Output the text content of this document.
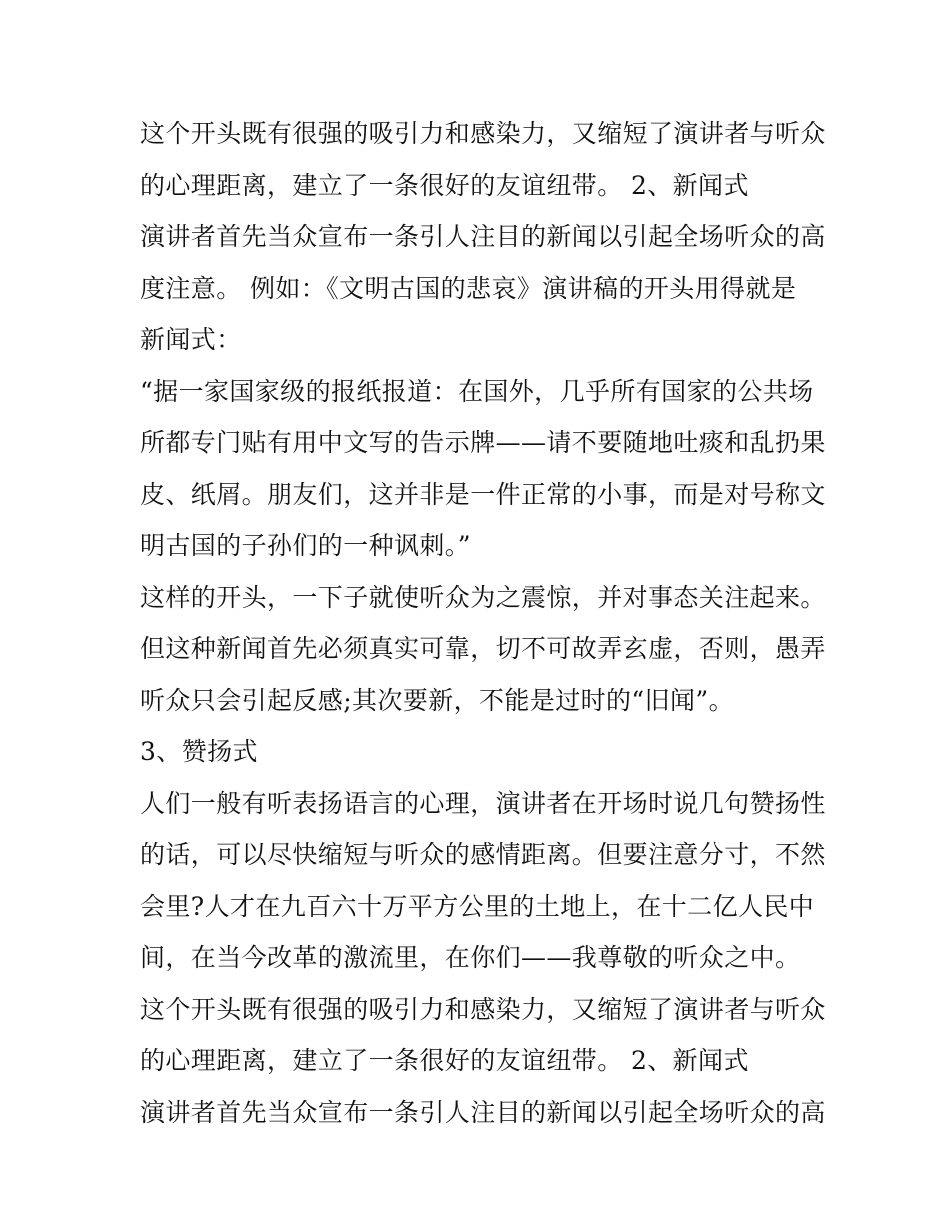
这个开头既有很强的吸引力和感染力，又缩短了演讲者与听众
的心理距离，建立了一条很好的友谊纽带。 2、新闻式
演讲者首先当众宣布一条引人注目的新闻以引起全场听众的高
度注意。 例如：《文明古国的悲哀》演讲稿的开头用得就是
新闻式：
“据一家国家级的报纸报道：在国外，几乎所有国家的公共场
所都专门贴有用中文写的告示牌——请不要随地吐痰和乱扔果
皮、纸屑。朋友们，这并非是一件正常的小事，而是对号称文
明古国的子孙们的一种讽刺。”
这样的开头，一下子就使听众为之震惊，并对事态关注起来。
但这种新闻首先必须真实可靠，切不可故弄玄虚，否则，愚弄
听众只会引起反感;其次要新，不能是过时的“旧闻”。
3、赞扬式
人们一般有听表扬语言的心理，演讲者在开场时说几句赞扬性
的话，可以尽快缩短与听众的感情距离。但要注意分寸，不然
会里?人才在九百六十万平方公里的土地上，在十二亿人民中
间，在当今改革的激流里，在你们——我尊敬的听众之中。
这个开头既有很强的吸引力和感染力，又缩短了演讲者与听众
的心理距离，建立了一条很好的友谊纽带。 2、新闻式
演讲者首先当众宣布一条引人注目的新闻以引起全场听众的高
